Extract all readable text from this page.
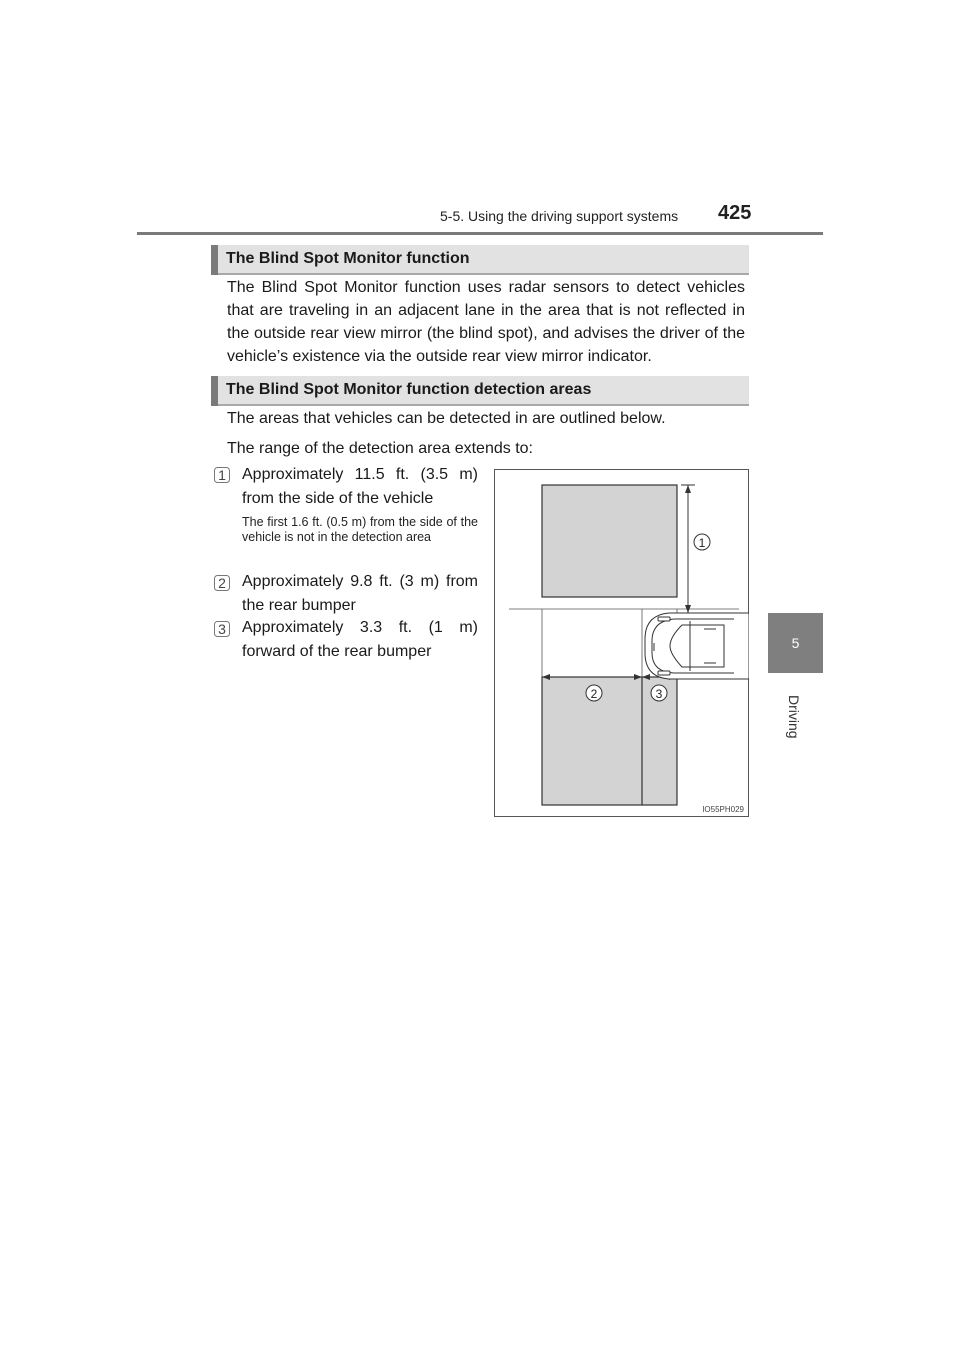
5-5. Using the driving support systems 425
5
Driving
The Blind Spot Monitor function
The Blind Spot Monitor function uses radar sensors to detect vehicles that are traveling in an adjacent lane in the area that is not reflected in the outside rear view mirror (the blind spot), and advises the driver of the vehicle’s existence via the outside rear view mirror indicator.
The Blind Spot Monitor function detection areas
The areas that vehicles can be detected in are outlined below.
The range of the detection area extends to:
1 Approximately 11.5 ft. (3.5 m) from the side of the vehicle
The first 1.6 ft. (0.5 m) from the side of the vehicle is not in the detection area
2 Approximately 9.8 ft. (3 m) from the rear bumper
3 Approximately 3.3 ft. (1 m) forward of the rear bumper
1
2	3
IO55PH029
